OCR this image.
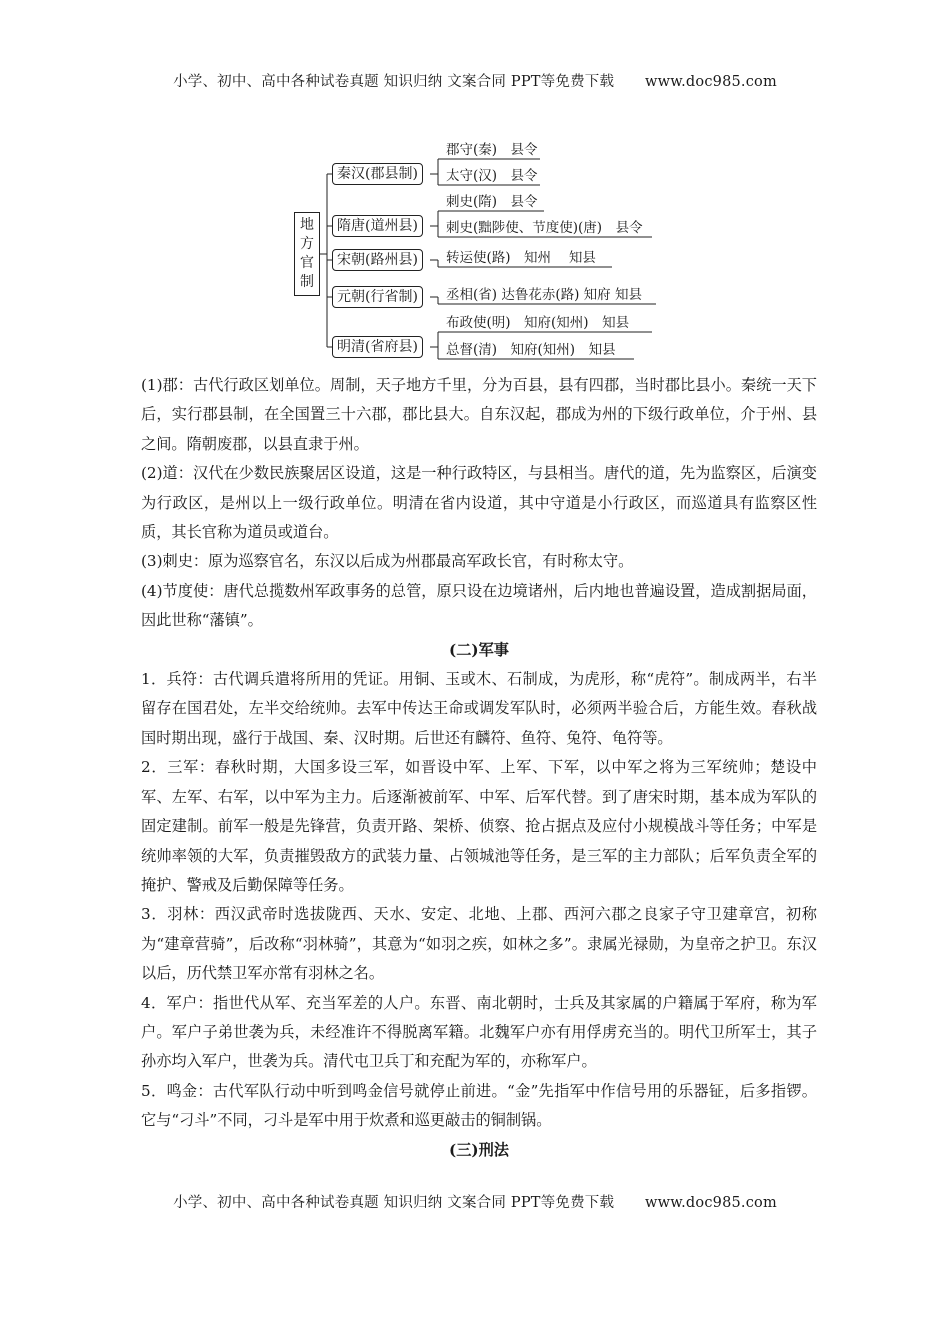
小学、初中、高中各种试卷真题 知识归纳 文案合同 PPT等免费下载 www.doc985.com
地
方
官
制
秦汉(郡县制)
隋唐(道州县)
宋朝(路州县)
元朝(行省制)
明清(省府县)
郡守(秦)　县令
太守(汉)　县令
刺史(隋)　县令
刺史(黜陟使、节度使)(唐)　县令
转运使(路)　知州　 知县
丞相(省) 达鲁花赤(路) 知府 知县
布政使(明)　知府(知州)　知县
总督(清)　知府(知州)　知县

(1)郡：古代行政区划单位。周制，天子地方千里，分为百县，县有四郡，当时郡比县小。秦统一天下后，实行郡县制，在全国置三十六郡，郡比县大。自东汉起，郡成为州的下级行政单位，介于州、县之间。隋朝废郡，以县直隶于州。

(2)道：汉代在少数民族聚居区设道，这是一种行政特区，与县相当。唐代的道，先为监察区，后演变为行政区，是州以上一级行政单位。明清在省内设道，其中守道是小行政区，而巡道具有监察区性质，其长官称为道员或道台。

(3)刺史：原为巡察官名，东汉以后成为州郡最高军政长官，有时称太守。

(4)节度使：唐代总揽数州军政事务的总管，原只设在边境诸州，后内地也普遍设置，造成割据局面，因此世称“藩镇”。

(二)军事

1．兵符：古代调兵遣将所用的凭证。用铜、玉或木、石制成，为虎形，称“虎符”。制成两半，右半留存在国君处，左半交给统帅。去军中传达王命或调发军队时，必须两半验合后，方能生效。春秋战国时期出现，盛行于战国、秦、汉时期。后世还有麟符、鱼符、兔符、龟符等。

2．三军：春秋时期，大国多设三军，如晋设中军、上军、下军，以中军之将为三军统帅；楚设中军、左军、右军，以中军为主力。后逐渐被前军、中军、后军代替。到了唐宋时期，基本成为军队的固定建制。前军一般是先锋营，负责开路、架桥、侦察、抢占据点及应付小规模战斗等任务；中军是统帅率领的大军，负责摧毁敌方的武装力量、占领城池等任务，是三军的主力部队；后军负责全军的掩护、警戒及后勤保障等任务。

3．羽林：西汉武帝时选拔陇西、天水、安定、北地、上郡、西河六郡之良家子守卫建章宫，初称为“建章营骑”，后改称“羽林骑”，其意为“如羽之疾，如林之多”。隶属光禄勋，为皇帝之护卫。东汉以后，历代禁卫军亦常有羽林之名。

4．军户：指世代从军、充当军差的人户。东晋、南北朝时，士兵及其家属的户籍属于军府，称为军户。军户子弟世袭为兵，未经准许不得脱离军籍。北魏军户亦有用俘虏充当的。明代卫所军士，其子孙亦均入军户，世袭为兵。清代屯卫兵丁和充配为军的，亦称军户。

5．鸣金：古代军队行动中听到鸣金信号就停止前进。“金”先指军中作信号用的乐器钲，后多指锣。它与“刁斗”不同，刁斗是军中用于炊煮和巡更敲击的铜制锅。

(三)刑法

小学、初中、高中各种试卷真题 知识归纳 文案合同 PPT等免费下载 www.doc985.com
